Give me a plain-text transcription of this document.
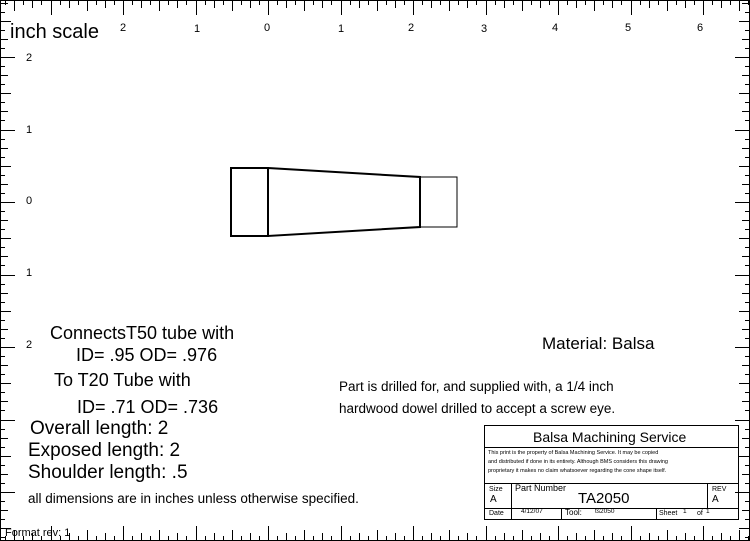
2	1	0	1	2	3	4	5	6
2
1
0
1
2
inch scale
ConnectsT50 tube with
ID= .95 OD= .976
To T20 Tube with
ID= .71 OD= .736
Overall length: 2
Exposed length: 2
Shoulder length: .5
all dimensions are in inches unless otherwise specified.
Material: Balsa
Part is drilled for, and supplied with, a 1/4 inch
hardwood dowel drilled to accept a screw eye.
Balsa Machining Service
This print is the property of Balsa Machining Service. It may be copied
and distributed if done in its entirety. Although BMS considers this drawing
proprietary it makes no claim whatsoever regarding the cone shape itself.
Size
A
Part Number
TA2050
REV
A
Date	4/12/07	Tool: ts2050	Sheet 1 of 1
Format rev: 1
